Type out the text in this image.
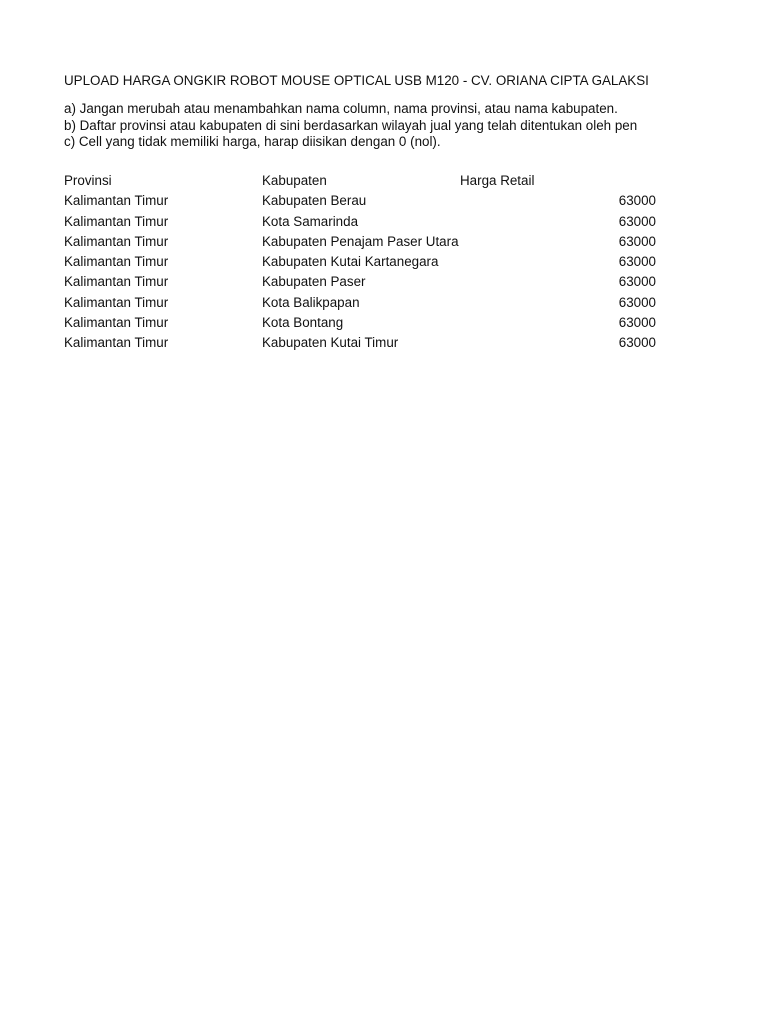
UPLOAD HARGA ONGKIR ROBOT MOUSE OPTICAL USB M120 - CV. ORIANA CIPTA GALAKSI
a) Jangan merubah atau menambahkan nama column, nama provinsi, atau nama kabupaten.
b) Daftar provinsi atau kabupaten di sini berdasarkan wilayah jual yang telah ditentukan oleh pen
c) Cell yang tidak memiliki harga, harap diisikan dengan 0 (nol).
Provinsi	Kabupaten	Harga Retail
Kalimantan Timur	Kabupaten Berau	63000
Kalimantan Timur	Kota Samarinda	63000
Kalimantan Timur	Kabupaten Penajam Paser Utara	63000
Kalimantan Timur	Kabupaten Kutai Kartanegara	63000
Kalimantan Timur	Kabupaten Paser	63000
Kalimantan Timur	Kota Balikpapan	63000
Kalimantan Timur	Kota Bontang	63000
Kalimantan Timur	Kabupaten Kutai Timur	63000
